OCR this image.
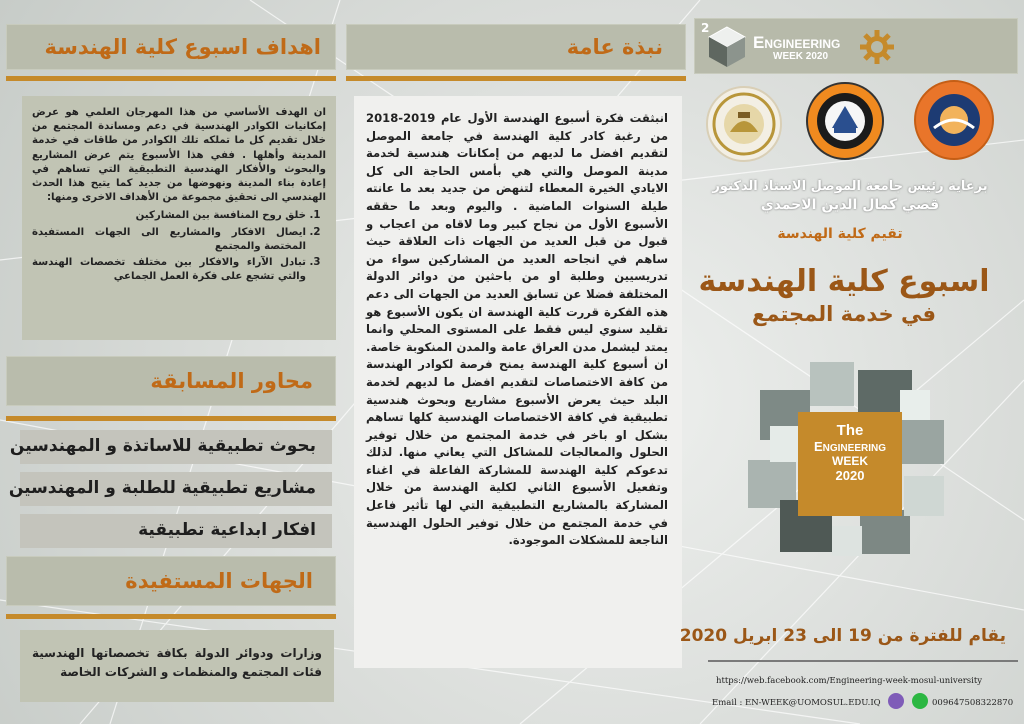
اهداف اسبوع كلية الهندسة
ان الهدف الأساسي من هذا المهرجان العلمي هو عرض إمكانيات الكوادر الهندسية في دعم ومساندة المجتمع من خلال تقديم كل ما تملكه تلك الكوادر من طاقات في خدمة المدينة وأهلها . ففي هذا الأسبوع يتم عرض المشاريع والبحوث والأفكار الهندسية التطبيقية التي تساهم في إعادة بناء المدينة ونهوضها من جديد كما يتيح هذا الحدث الهندسي الى تحقيق مجموعة من الأهداف الاخرى ومنها:
1. خلق روح المنافسة بين المشاركين
2. ايصال الافكار والمشاريع الى الجهات المستفيدة المختصة والمجتمع
3. تبادل الآراء والافكار بين مختلف تخصصات الهندسة والتي تشجع على فكرة العمل الجماعي
محاور المسابقة
بحوث تطبيقية للاساتذة و المهندسين
مشاريع تطبيقية للطلبة و المهندسين
افكار ابداعية تطبيقية
الجهات المستفيدة
وزارات ودوائر الدولة بكافة تخصصاتها الهندسية فئات المجتمع والمنظمات و الشركات الخاصة
نبذة عامة
انبثقت فكرة أسبوع الهندسة الأول عام 2019-2018 من رغبة كادر كلية الهندسة في جامعة الموصل لتقديم افضل ما لديهم من إمكانات هندسية لخدمة مدينة الموصل والتي هي بأمس الحاجة الى كل الايادي الخيرة المعطاء لتنهض من جديد بعد ما عانته طيلة السنوات الماضية . واليوم وبعد ما حققه الأسبوع الأول من نجاح كبير وما لاقاه من اعجاب و قبول من قبل العديد من الجهات ذات العلاقة حيث ساهم في انجاحه العديد من المشاركين سواء من تدريسيين وطلبة او من باحثين من دوائر الدولة المختلفة فضلا عن تسابق العديد من الجهات الى دعم هذه الفكرة قررت كلية الهندسة ان يكون الأسبوع هو تقليد سنوي ليس فقط على المستوى المحلي وانما يمتد ليشمل مدن العراق عامة والمدن المنكوبة خاصة. ان أسبوع كلية الهندسة يمنح فرصة لكوادر الهندسة من كافة الاختصاصات لتقديم افضل ما لديهم لخدمة البلد حيث يعرض الأسبوع مشاريع وبحوث هندسية تطبيقية في كافة الاختصاصات الهندسية كلها تساهم بشكل او باخر في خدمة المجتمع من خلال توفير الحلول والمعالجات للمشاكل التي يعاني منها. لذلك تدعوكم كلية الهندسة للمشاركة الفاعلة في اغناء وتفعيل الأسبوع الثاني لكلية الهندسة من خلال المشاركة بالمشاريع التطبيقية التي لها تأثير فاعل في خدمة المجتمع من خلال توفير الحلول الهندسية الناجعة للمشكلات الموجودة.
2
ENGINEERING
WEEK 2020
برعاية رئيس جامعة الموصل الاستاذ الدكتور
قصي كمال الدين الاحمدي
تقيم كلية الهندسة
اسبوع كلية الهندسة
في خدمة المجتمع
The
ENGINEERING
WEEK
2020
يقام للفترة من 19 الى 23 ابريل 2020
https://web.facebook.com/Engineering-week-mosul-university
Email : EN-WEEK@UOMOSUL.EDU.IQ	009647508322870
